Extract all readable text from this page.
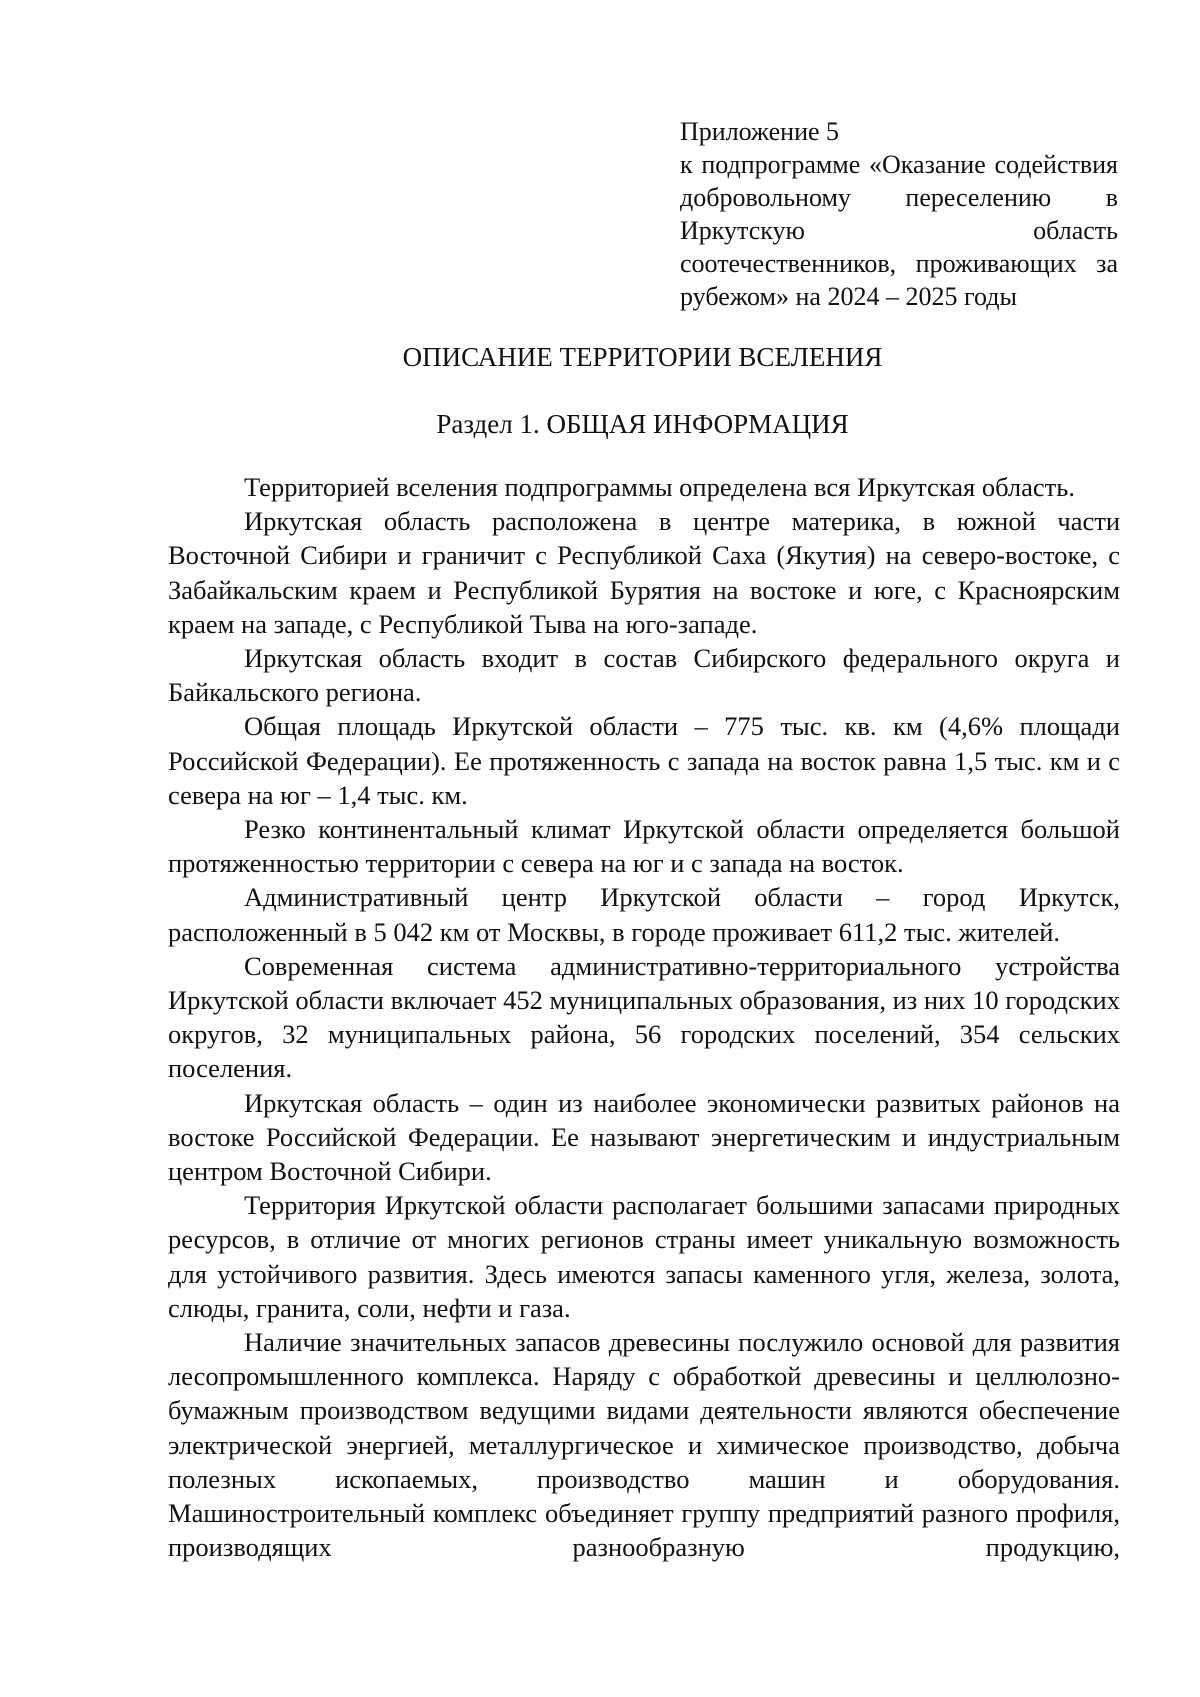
Приложение 5
к подпрограмме «Оказание содействия добровольному переселению в Иркутскую область соотечественников, проживающих за рубежом» на 2024 – 2025 годы
ОПИСАНИЕ ТЕРРИТОРИИ ВСЕЛЕНИЯ
Раздел 1. ОБЩАЯ ИНФОРМАЦИЯ

Территорией вселения подпрограммы определена вся Иркутская область.

Иркутская область расположена в центре материка, в южной части Восточной Сибири и граничит с Республикой Саха (Якутия) на северо-востоке, с Забайкальским краем и Республикой Бурятия на востоке и юге, с Красноярским краем на западе, с Республикой Тыва на юго-западе.

Иркутская область входит в состав Сибирского федерального округа и Байкальского региона.

Общая площадь Иркутской области – 775 тыс. кв. км (4,6% площади Российской Федерации). Ее протяженность с запада на восток равна 1,5 тыс. км и с севера на юг – 1,4 тыс. км.

Резко континентальный климат Иркутской области определяется большой протяженностью территории с севера на юг и с запада на восток.

Административный центр Иркутской области – город Иркутск, расположенный в 5 042 км от Москвы, в городе проживает 611,2 тыс. жителей.

Современная система административно-территориального устройства Иркутской области включает 452 муниципальных образования, из них 10 городских округов, 32 муниципальных района, 56 городских поселений, 354 сельских поселения.

Иркутская область – один из наиболее экономически развитых районов на востоке Российской Федерации. Ее называют энергетическим и индустриальным центром Восточной Сибири.

Территория Иркутской области располагает большими запасами природных ресурсов, в отличие от многих регионов страны имеет уникальную возможность для устойчивого развития. Здесь имеются запасы каменного угля, железа, золота, слюды, гранита, соли, нефти и газа.

Наличие значительных запасов древесины послужило основой для развития лесопромышленного комплекса. Наряду с обработкой древесины и целлюлозно-бумажным производством ведущими видами деятельности являются обеспечение электрической энергией, металлургическое и химическое производство, добыча полезных ископаемых, производство машин и оборудования. Машиностроительный комплекс объединяет группу предприятий разного профиля, производящих разнообразную продукцию,
